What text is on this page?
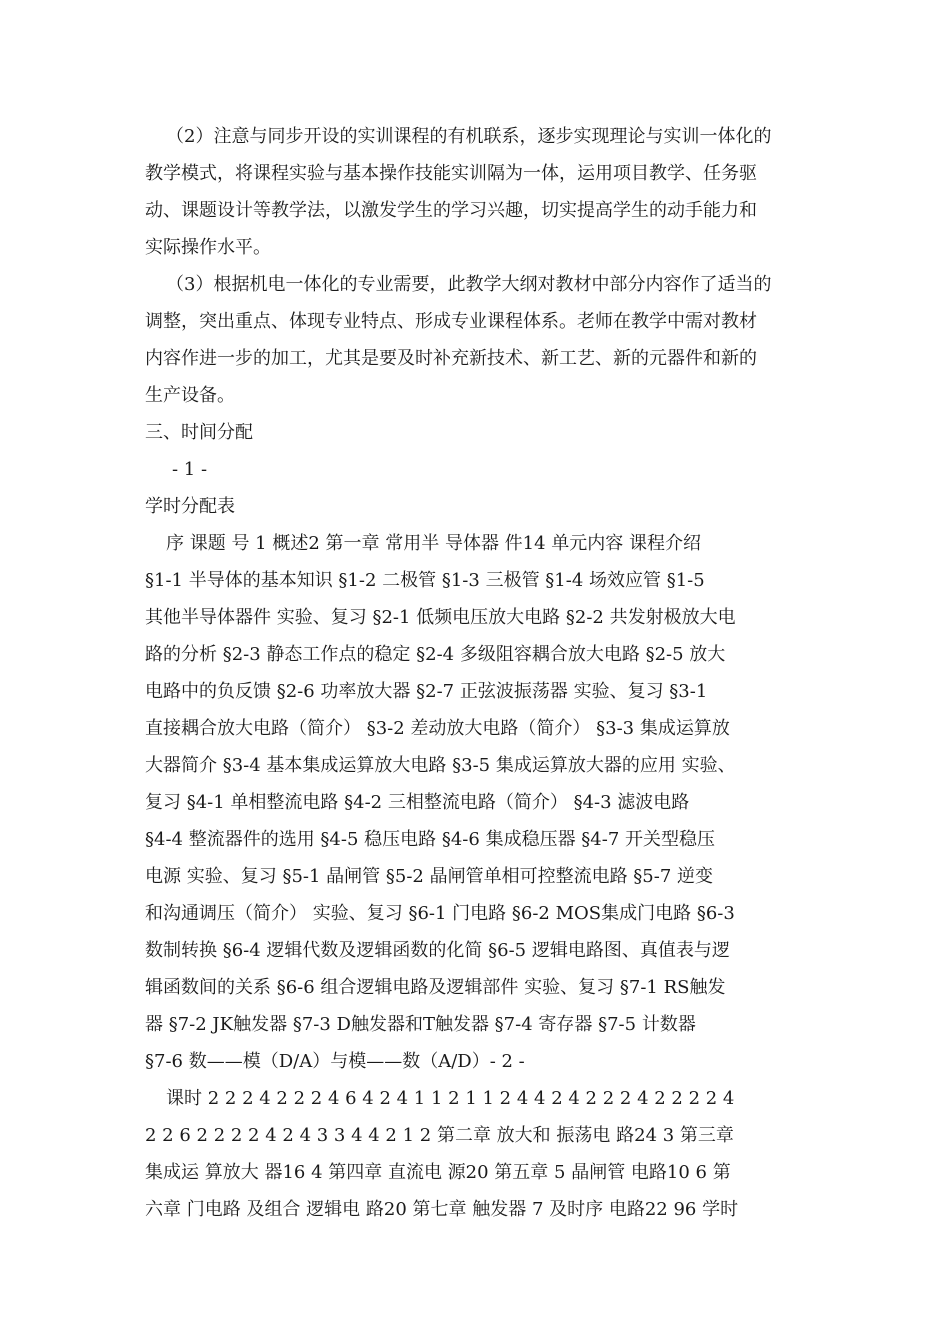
（2）注意与同步开设的实训课程的有机联系，逐步实现理论与实训一体化的
教学模式，将课程实验与基本操作技能实训隔为一体，运用项目教学、任务驱
动、课题设计等教学法，以激发学生的学习兴趣，切实提高学生的动手能力和
实际操作水平。
（3）根据机电一体化的专业需要，此教学大纲对教材中部分内容作了适当的
调整，突出重点、体现专业特点、形成专业课程体系。老师在教学中需对教材
内容作进一步的加工，尤其是要及时补充新技术、新工艺、新的元器件和新的
生产设备。
三、时间分配
- 1 -
学时分配表
序 课题 号 1 概述2 第一章 常用半 导体器 件14 单元内容 课程介绍
§1-1 半导体的基本知识 §1-2 二极管 §1-3 三极管 §1-4 场效应管 §1-5
其他半导体器件 实验、复习 §2-1 低频电压放大电路 §2-2 共发射极放大电
路的分析 §2-3 静态工作点的稳定 §2-4 多级阻容耦合放大电路 §2-5 放大
电路中的负反馈 §2-6 功率放大器 §2-7 正弦波振荡器 实验、复习 §3-1
直接耦合放大电路（简介） §3-2 差动放大电路（简介） §3-3 集成运算放
大器简介 §3-4 基本集成运算放大电路 §3-5 集成运算放大器的应用 实验、
复习 §4-1 单相整流电路 §4-2 三相整流电路（简介） §4-3 滤波电路
§4-4 整流器件的选用 §4-5 稳压电路 §4-6 集成稳压器 §4-7 开关型稳压
电源 实验、复习 §5-1 晶闸管 §5-2 晶闸管单相可控整流电路 §5-7 逆变
和沟通调压（简介） 实验、复习 §6-1 门电路 §6-2 MOS集成门电路 §6-3
数制转换 §6-4 逻辑代数及逻辑函数的化简 §6-5 逻辑电路图、真值表与逻
辑函数间的关系 §6-6 组合逻辑电路及逻辑部件 实验、复习 §7-1 RS触发
器 §7-2 JK触发器 §7-3 D触发器和T触发器 §7-4 寄存器 §7-5 计数器
§7-6 数——模（D/A）与模——数（A/D）- 2 -
课时 2 2 2 4 2 2 2 4 6 4 2 4 1 1 2 1 1 2 4 4 2 4 2 2 2 4 2 2 2 2 4
2 2 6 2 2 2 2 4 2 4 3 3 4 4 2 1 2 第二章 放大和 振荡电 路24 3 第三章
集成运 算放大 器16 4 第四章 直流电 源20 第五章 5 晶闸管 电路10 6 第
六章 门电路 及组合 逻辑电 路20 第七章 触发器 7 及时序 电路22 96 学时
